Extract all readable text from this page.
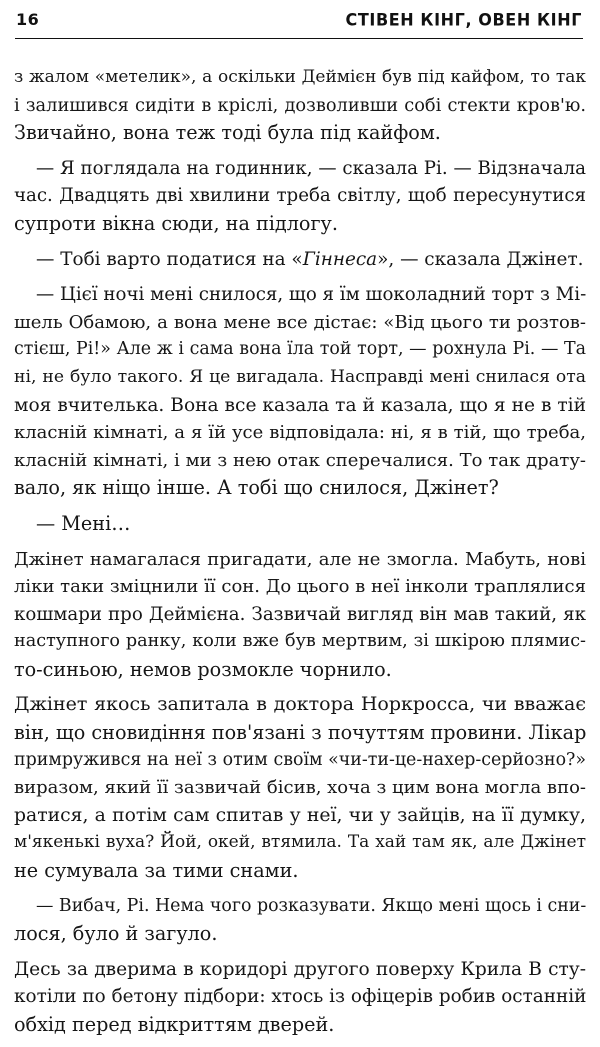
16	СТІВЕН КІНГ, ОВЕН КІНГ
з жалом «метелик», а оскільки Деймієн був під кайфом, то так
і залишився сидіти в кріслі, дозволивши собі стекти кров'ю.
Звичайно, вона теж тоді була під кайфом.
— Я поглядала на годинник, — сказала Рі. — Відзначала
час. Двадцять дві хвилини треба світлу, щоб пересунутися
супроти вікна сюди, на підлогу.
— Тобі варто податися на «Гіннеса», — сказала Джінет.
— Цієї ночі мені снилося, що я їм шоколадний торт з Мі-
шель Обамою, а вона мене все дістає: «Від цього ти розтов-
стієш, Рі!» Але ж і сама вона їла той торт, — рохнула Рі. — Та
ні, не було такого. Я це вигадала. Насправді мені снилася ота
моя вчителька. Вона все казала та й казала, що я не в тій
класній кімнаті, а я їй усе відповідала: ні, я в тій, що треба,
класній кімнаті, і ми з нею отак сперечалися. То так драту-
вало, як ніщо інше. А тобі що снилося, Джінет?
— Мені…
Джінет намагалася пригадати, але не змогла. Мабуть, нові
ліки таки зміцнили її сон. До цього в неї інколи траплялися
кошмари про Деймієна. Зазвичай вигляд він мав такий, як
наступного ранку, коли вже був мертвим, зі шкірою плямис-
то-синьою, немов розмокле чорнило.
Джінет якось запитала в доктора Норкросса, чи вважає
він, що сновидіння пов'язані з почуттям провини. Лікар
примружився на неї з отим своїм «чи-ти-це-нахер-серйозно?»
виразом, який її зазвичай бісив, хоча з цим вона могла впо-
ратися, а потім сам спитав у неї, чи у зайців, на її думку,
м'якенькі вуха? Йой, окей, втямила. Та хай там як, але Джінет
не сумувала за тими снами.
— Вибач, Рі. Нема чого розказувати. Якщо мені щось і сни-
лося, було й загуло.
Десь за дверима в коридорі другого поверху Крила В сту-
котіли по бетону підбори: хтось із офіцерів робив останній
обхід перед відкриттям дверей.
